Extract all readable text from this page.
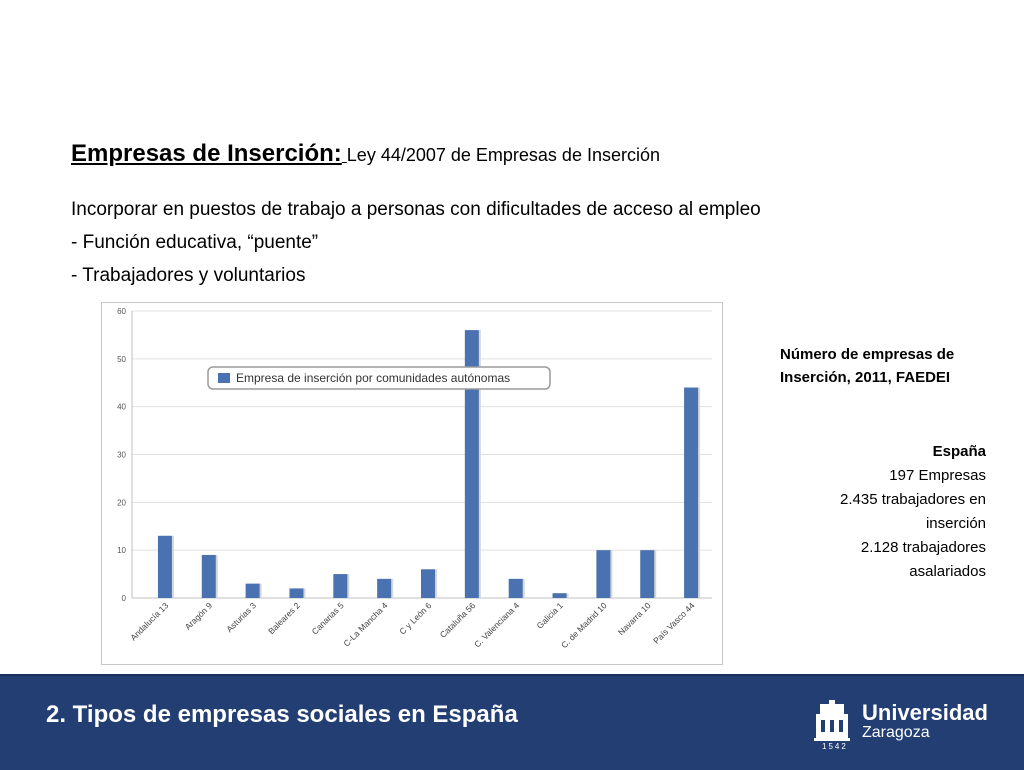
Empresas de Inserción: Ley 44/2007 de Empresas de Inserción
Incorporar en puestos de trabajo a personas con dificultades de acceso al empleo
- Función educativa, “puente”
- Trabajadores y voluntarios
0
10
20
30
40
50
60
Andalucía 13 Aragón 9 Asturias 3 Baleares 2 Canarias 5
C-La Mancha 4 C y León 6 Cataluña 56
C. Valenciana 4 Galicia 1
C. de Madrid 10 Navarra 10
País Vasco 44
Empresa de inserción por comunidades autónomas
Número de empresas de
Inserción, 2011, FAEDEI
España
197 Empresas
2.435 trabajadores en
inserción
2.128 trabajadores
asalariados
2. Tipos de empresas sociales en España	Universidad
Zaragoza
1542
